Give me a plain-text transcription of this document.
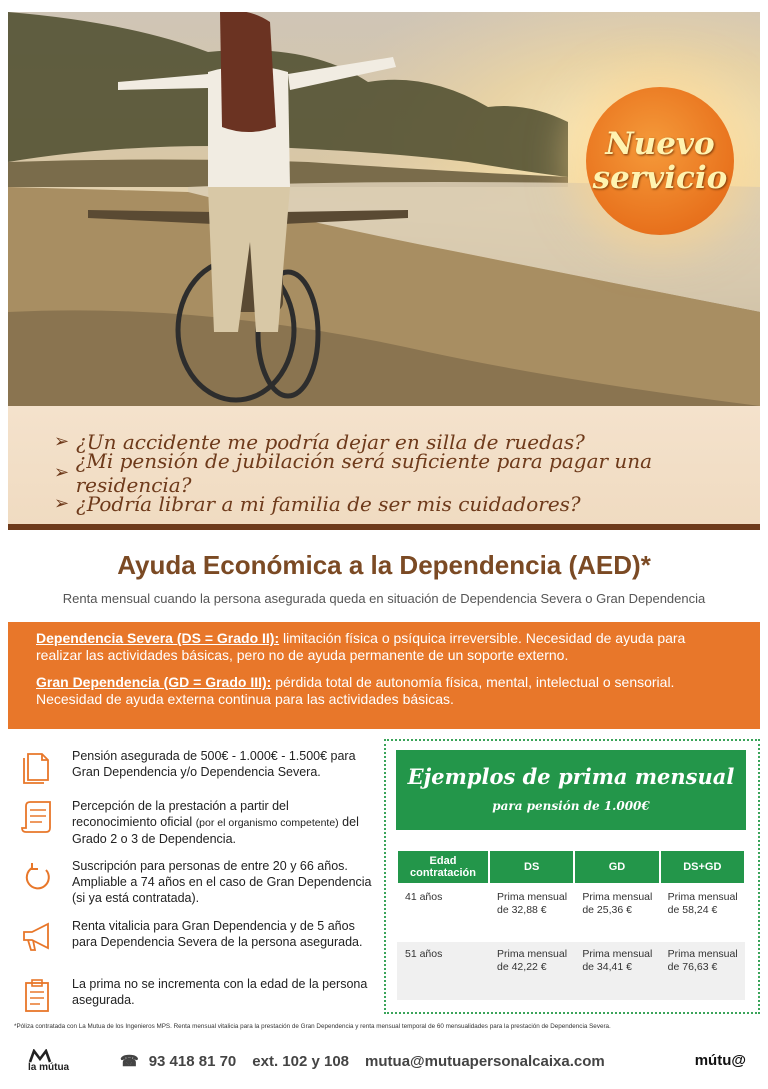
Nuevo
servicio
➢ ¿Un accidente me podría dejar en silla de ruedas?
➢ ¿Mi pensión de jubilación será suficiente para pagar una residencia?
➢ ¿Podría librar a mi familia de ser mis cuidadores?
Ayuda Económica a la Dependencia (AED)*
Renta mensual cuando la persona asegurada queda en situación de Dependencia Severa o Gran Dependencia

Dependencia Severa (DS = Grado II): limitación física o psíquica irreversible. Necesidad de ayuda para realizar las actividades básicas, pero no de ayuda permanente de un soporte externo.

Gran Dependencia (GD = Grado III): pérdida total de autonomía física, mental, intelectual o sensorial. Necesidad de ayuda externa continua para las actividades básicas.

Pensión asegurada de 500€ - 1.000€ - 1.500€ para Gran Dependencia y/o Dependencia Severa.
Percepción de la prestación a partir del reconocimiento oficial (por el organismo competente) del Grado 2 o 3 de Dependencia.
Suscripción para personas de entre 20 y 66 años. Ampliable a 74 años en el caso de Gran Dependencia (si ya está contratada).
Renta vitalicia para Gran Dependencia y de 5 años para Dependencia Severa de la persona asegurada.
La prima no se incrementa con la edad de la persona asegurada.
Ejemplos de prima mensual
para pensión de 1.000€
Edad contratación	DS	GD	DS+GD
41 años	Prima mensual de 32,88 €	Prima mensual de 25,36 €	Prima mensual de 58,24 €
51 años	Prima mensual de 42,22 €	Prima mensual de 34,41 €	Prima mensual de 76,63 €
*Póliza contratada con La Mutua de los Ingenieros MPS. Renta mensual vitalicia para la prestación de Gran Dependencia y renta mensual temporal de 60 mensualidades para la prestación de Dependencia Severa.
la mútua	☎ 93 418 81 70 ext. 102 y 108 mutua@mutuapersonalcaixa.com	mútu@
